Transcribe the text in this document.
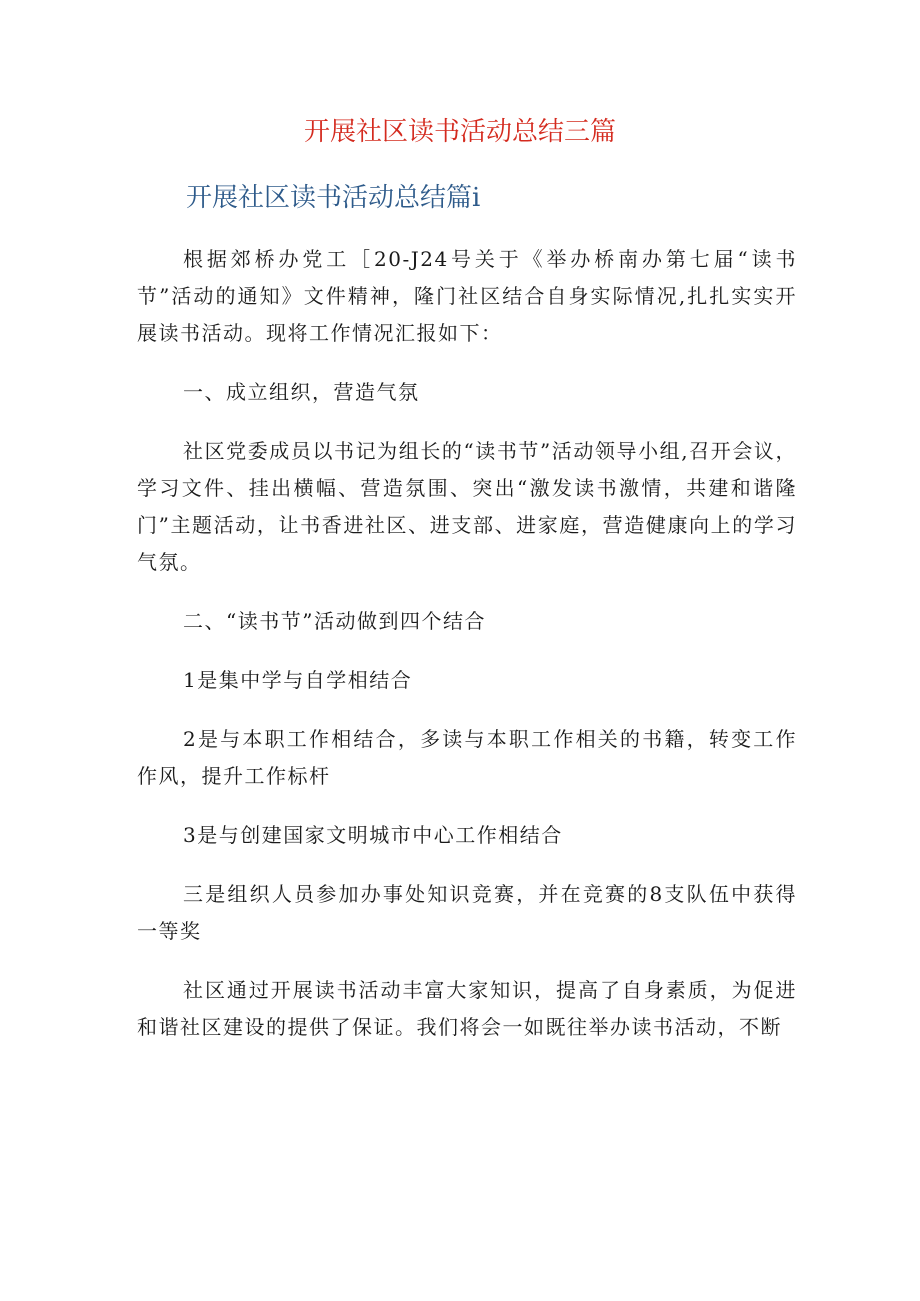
开展社区读书活动总结三篇
开展社区读书活动总结篇i

根据郊桥办党工［20-J24号关于《举办桥南办第七届“读书节”活动的通知》文件精神，隆门社区结合自身实际情况,扎扎实实开展读书活动。现将工作情况汇报如下：

一、成立组织，营造气氛

社区党委成员以书记为组长的“读书节”活动领导小组,召开会议，学习文件、挂出横幅、营造氛围、突出“激发读书激情，共建和谐隆门”主题活动，让书香进社区、进支部、进家庭，营造健康向上的学习气氛。

二、“读书节”活动做到四个结合

1是集中学与自学相结合

2是与本职工作相结合，多读与本职工作相关的书籍，转变工作作风，提升工作标杆

3是与创建国家文明城市中心工作相结合

三是组织人员参加办事处知识竞赛，并在竞赛的8支队伍中获得一等奖

社区通过开展读书活动丰富大家知识，提高了自身素质，为促进和谐社区建设的提供了保证。我们将会一如既往举办读书活动，不断
